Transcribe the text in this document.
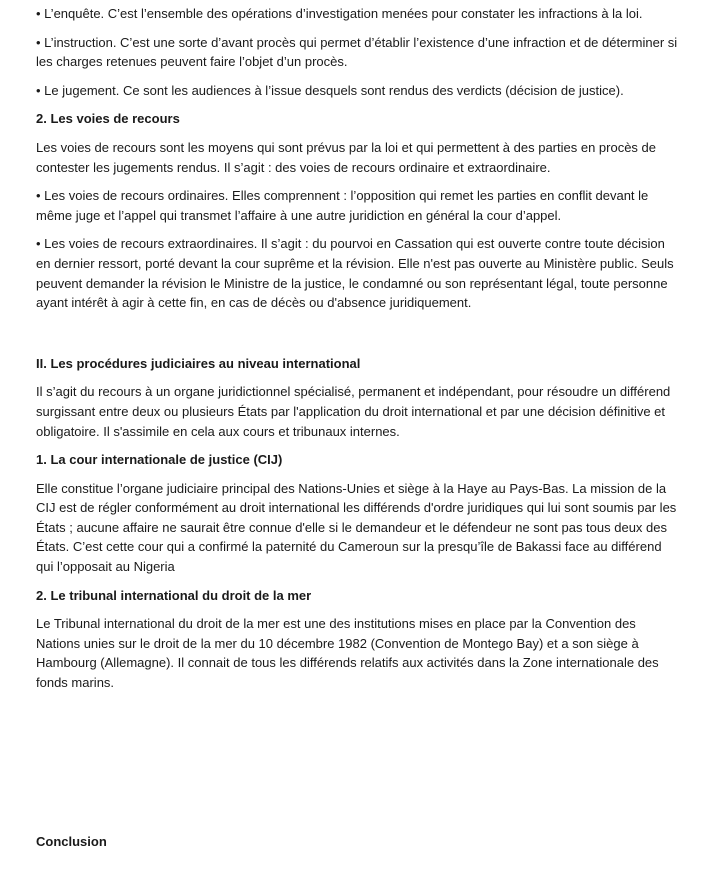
• L’enquête. C’est l’ensemble des opérations d’investigation menées pour constater les infractions à la loi.

• L’instruction. C’est une sorte d’avant procès qui permet d’établir l’existence d’une infraction et de déterminer si les charges retenues peuvent faire l’objet d’un procès.

• Le jugement. Ce sont les audiences à l’issue desquels sont rendus des verdicts (décision de justice).

2. Les voies de recours

Les voies de recours sont les moyens qui sont prévus par la loi et qui permettent à des parties en procès de contester les jugements rendus. Il s’agit : des voies de recours ordinaire et extraordinaire.

• Les voies de recours ordinaires. Elles comprennent : l’opposition qui remet les parties en conflit devant le même juge et l’appel qui transmet l’affaire à une autre juridiction en général la cour d’appel.

• Les voies de recours extraordinaires. Il s’agit : du pourvoi en Cassation qui est ouverte contre toute décision en dernier ressort, porté devant la cour suprême et la révision. Elle n'est pas ouverte au Ministère public. Seuls peuvent demander la révision le Ministre de la justice, le condamné ou son représentant légal, toute personne ayant intérêt à agir à cette fin, en cas de décès ou d'absence juridiquement.

II. Les procédures judiciaires au niveau international

Il s’agit du recours à un organe juridictionnel spécialisé, permanent et indépendant, pour résoudre un différend surgissant entre deux ou plusieurs États par l'application du droit international et par une décision définitive et obligatoire. Il s'assimile en cela aux cours et tribunaux internes.

1. La cour internationale de justice (CIJ)

Elle constitue l’organe judiciaire principal des Nations-Unies et siège à la Haye au Pays-Bas. La mission de la CIJ est de régler conformément au droit international les différends d'ordre juridiques qui lui sont soumis par les États ; aucune affaire ne saurait être connue d'elle si le demandeur et le défendeur ne sont pas tous deux des États. C’est cette cour qui a confirmé la paternité du Cameroun sur la presqu’île de Bakassi face au différend qui l’opposait au Nigeria

2. Le tribunal international du droit de la mer

Le Tribunal international du droit de la mer est une des institutions mises en place par la Convention des Nations unies sur le droit de la mer du 10 décembre 1982 (Convention de Montego Bay) et a son siège à Hambourg (Allemagne). Il connait de tous les différends relatifs aux activités dans la Zone internationale des fonds marins.

Conclusion
